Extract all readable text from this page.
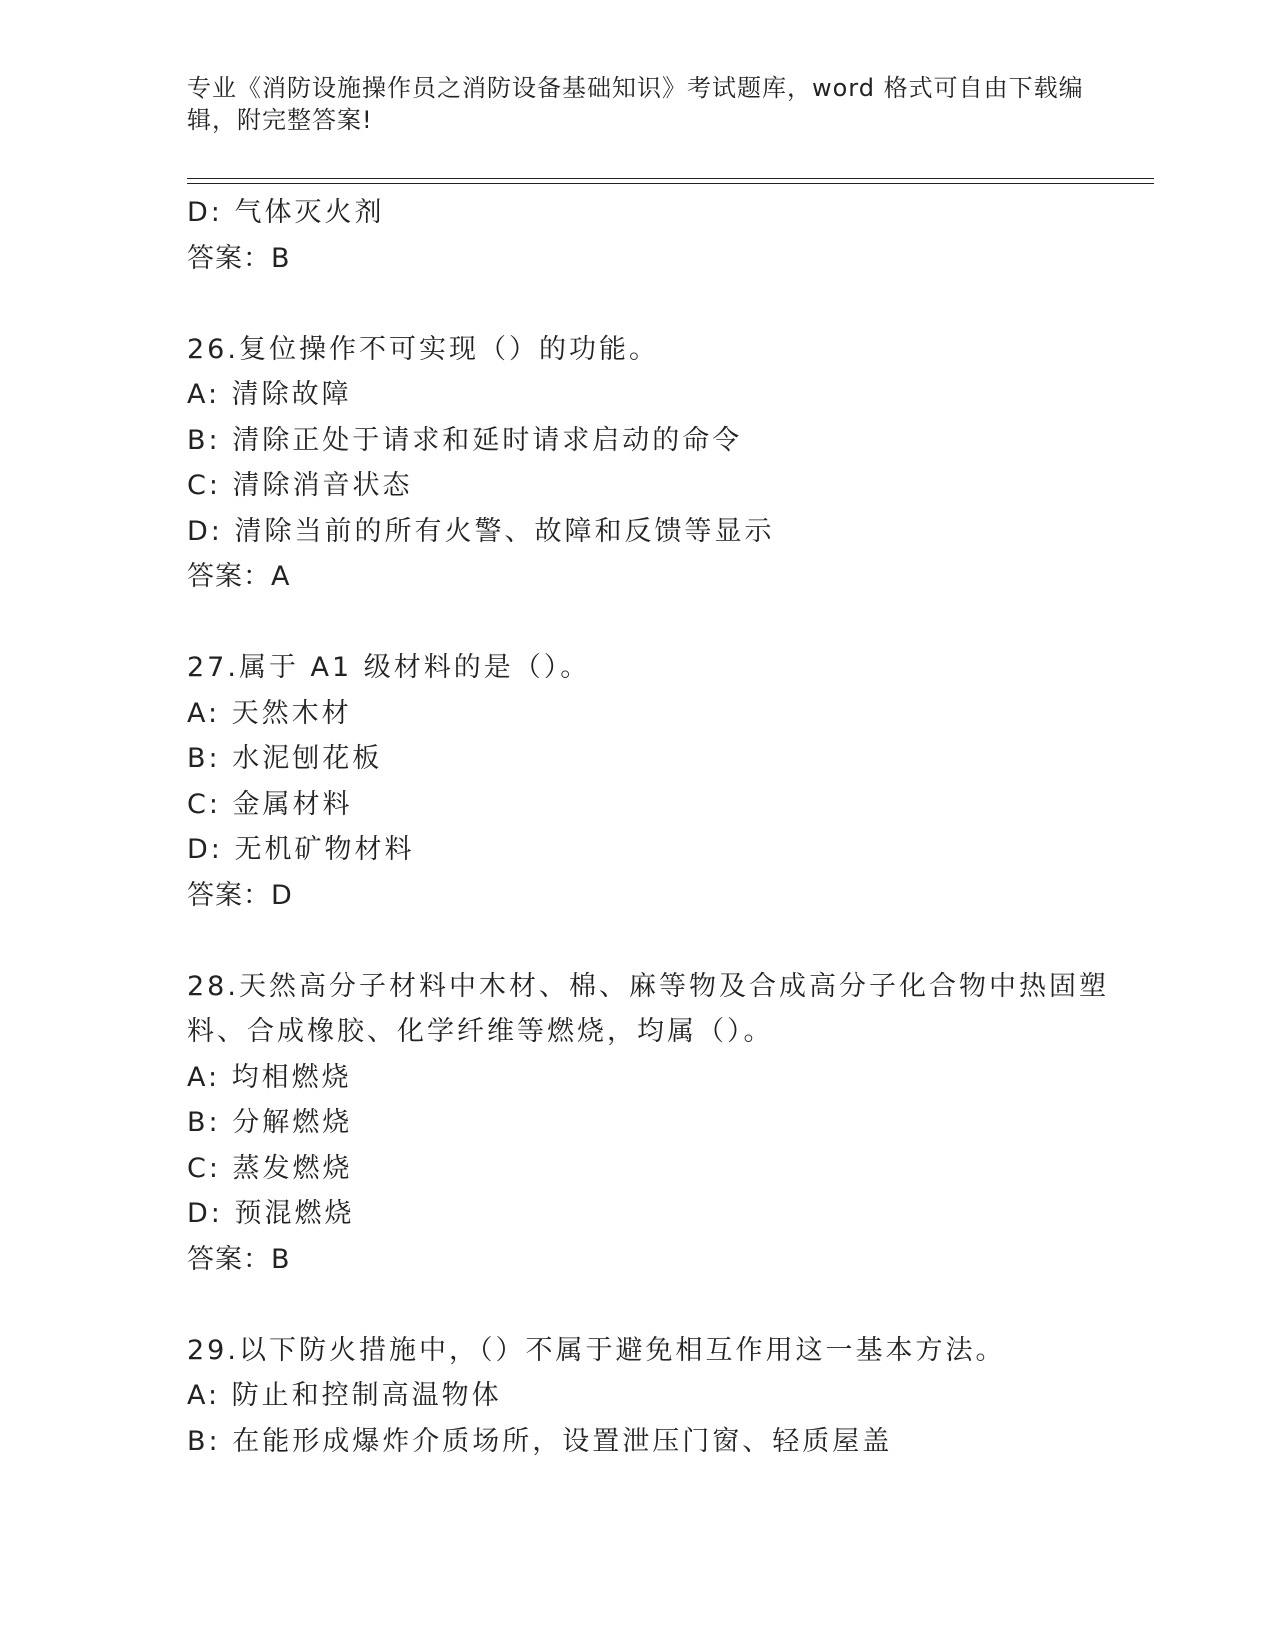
专业《消防设施操作员之消防设备基础知识》考试题库，word 格式可自由下载编
辑，附完整答案!

D: 气体灭火剂

答案：B

26.复位操作不可实现（）的功能。

A: 清除故障

B: 清除正处于请求和延时请求启动的命令

C: 清除消音状态

D: 清除当前的所有火警、故障和反馈等显示

答案：A

27.属于 A1 级材料的是（）。

A: 天然木材

B: 水泥刨花板

C: 金属材料

D: 无机矿物材料

答案：D

28.天然高分子材料中木材、棉、麻等物及合成高分子化合物中热固塑

料、合成橡胶、化学纤维等燃烧，均属（）。

A: 均相燃烧

B: 分解燃烧

C: 蒸发燃烧

D: 预混燃烧

答案：B

29.以下防火措施中，（）不属于避免相互作用这一基本方法。

A: 防止和控制高温物体

B: 在能形成爆炸介质场所，设置泄压门窗、轻质屋盖
